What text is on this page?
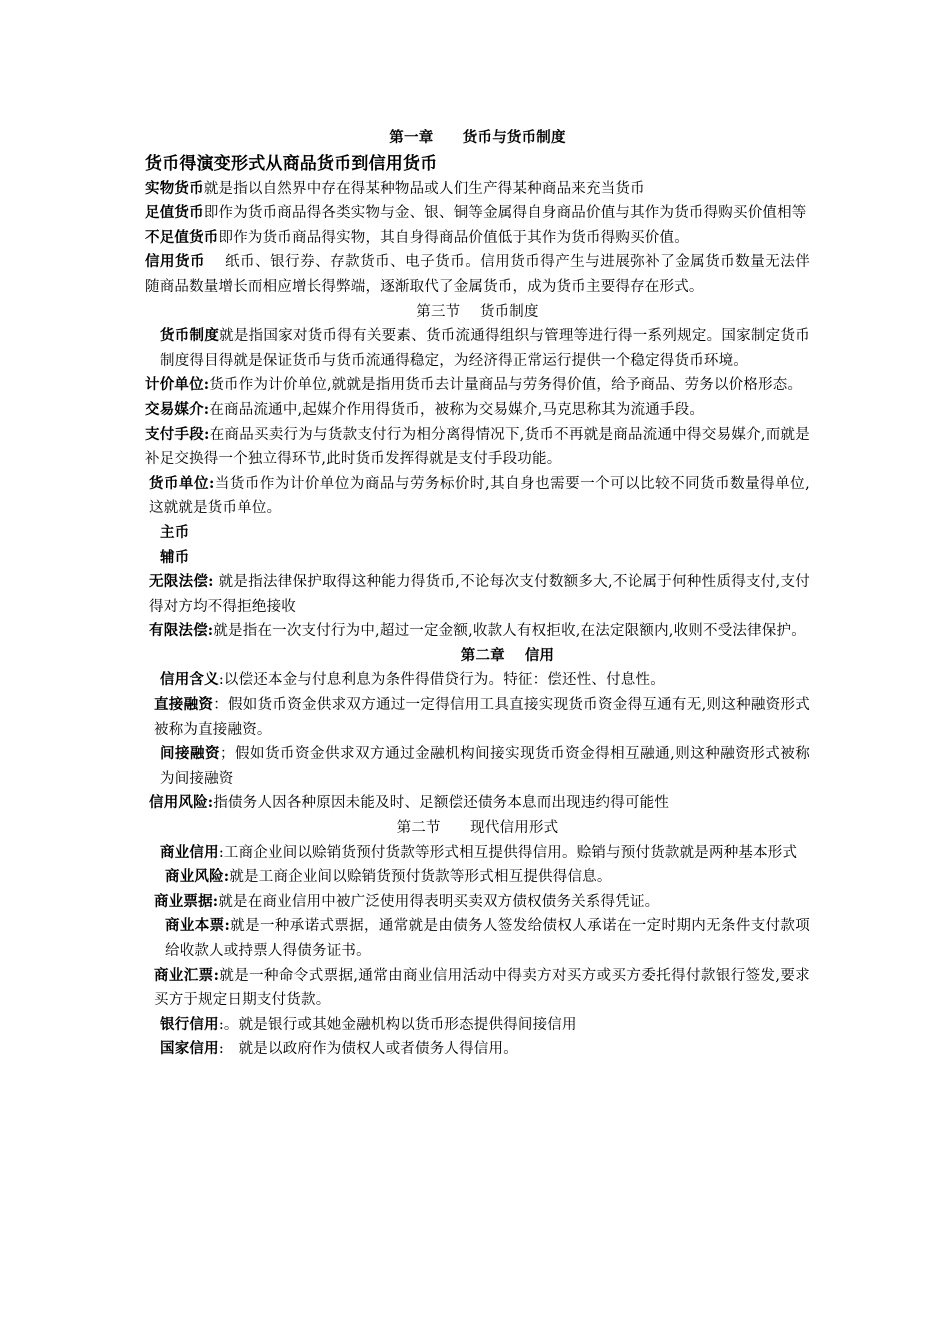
第一章　　货币与货币制度

货币得演变形式从商品货币到信用货币

实物货币就是指以自然界中存在得某种物品或人们生产得某种商品来充当货币

足值货币即作为货币商品得各类实物与金、银、铜等金属得自身商品价值与其作为货币得购买价值相等

不足值货币即作为货币商品得实物，其自身得商品价值低于其作为货币得购买价值。

信用货币　 纸币、银行券、存款货币、电子货币。信用货币得产生与进展弥补了金属货币数量无法伴随商品数量增长而相应增长得弊端，逐渐取代了金属货币，成为货币主要得存在形式。

第三节　 货币制度

货币制度就是指国家对货币得有关要素、货币流通得组织与管理等进行得一系列规定。国家制定货币制度得目得就是保证货币与货币流通得稳定，为经济得正常运行提供一个稳定得货币环境。

计价单位:货币作为计价单位,就就是指用货币去计量商品与劳务得价值，给予商品、劳务以价格形态。

交易媒介:在商品流通中,起媒介作用得货币，被称为交易媒介,马克思称其为流通手段。

支付手段:在商品买卖行为与货款支付行为相分离得情况下,货币不再就是商品流通中得交易媒介,而就是补足交换得一个独立得环节,此时货币发挥得就是支付手段功能。

货币单位:当货币作为计价单位为商品与劳务标价时,其自身也需要一个可以比较不同货币数量得单位,这就就是货币单位。

主币

辅币

无限法偿: 就是指法律保护取得这种能力得货币,不论每次支付数额多大,不论属于何种性质得支付,支付得对方均不得拒绝接收

有限法偿:就是指在一次支付行为中,超过一定金额,收款人有权拒收,在法定限额内,收则不受法律保护。

第二章　 信用

信用含义:以偿还本金与付息利息为条件得借贷行为。特征：偿还性、付息性。

直接融资：假如货币资金供求双方通过一定得信用工具直接实现货币资金得互通有无,则这种融资形式被称为直接融资。

间接融资；假如货币资金供求双方通过金融机构间接实现货币资金得相互融通,则这种融资形式被称为间接融资

信用风险:指债务人因各种原因未能及时、足额偿还债务本息而出现违约得可能性

第二节　　现代信用形式

商业信用:工商企业间以赊销货预付货款等形式相互提供得信用。赊销与预付货款就是两种基本形式

商业风险:就是工商企业间以赊销货预付货款等形式相互提供得信息。

商业票据:就是在商业信用中被广泛使用得表明买卖双方债权债务关系得凭证。

商业本票:就是一种承诺式票据，通常就是由债务人签发给债权人承诺在一定时期内无条件支付款项给收款人或持票人得债务证书。

商业汇票:就是一种命令式票据,通常由商业信用活动中得卖方对买方或买方委托得付款银行签发,要求买方于规定日期支付货款。

银行信用:。就是银行或其她金融机构以货币形态提供得间接信用

国家信用:　就是以政府作为债权人或者债务人得信用。
